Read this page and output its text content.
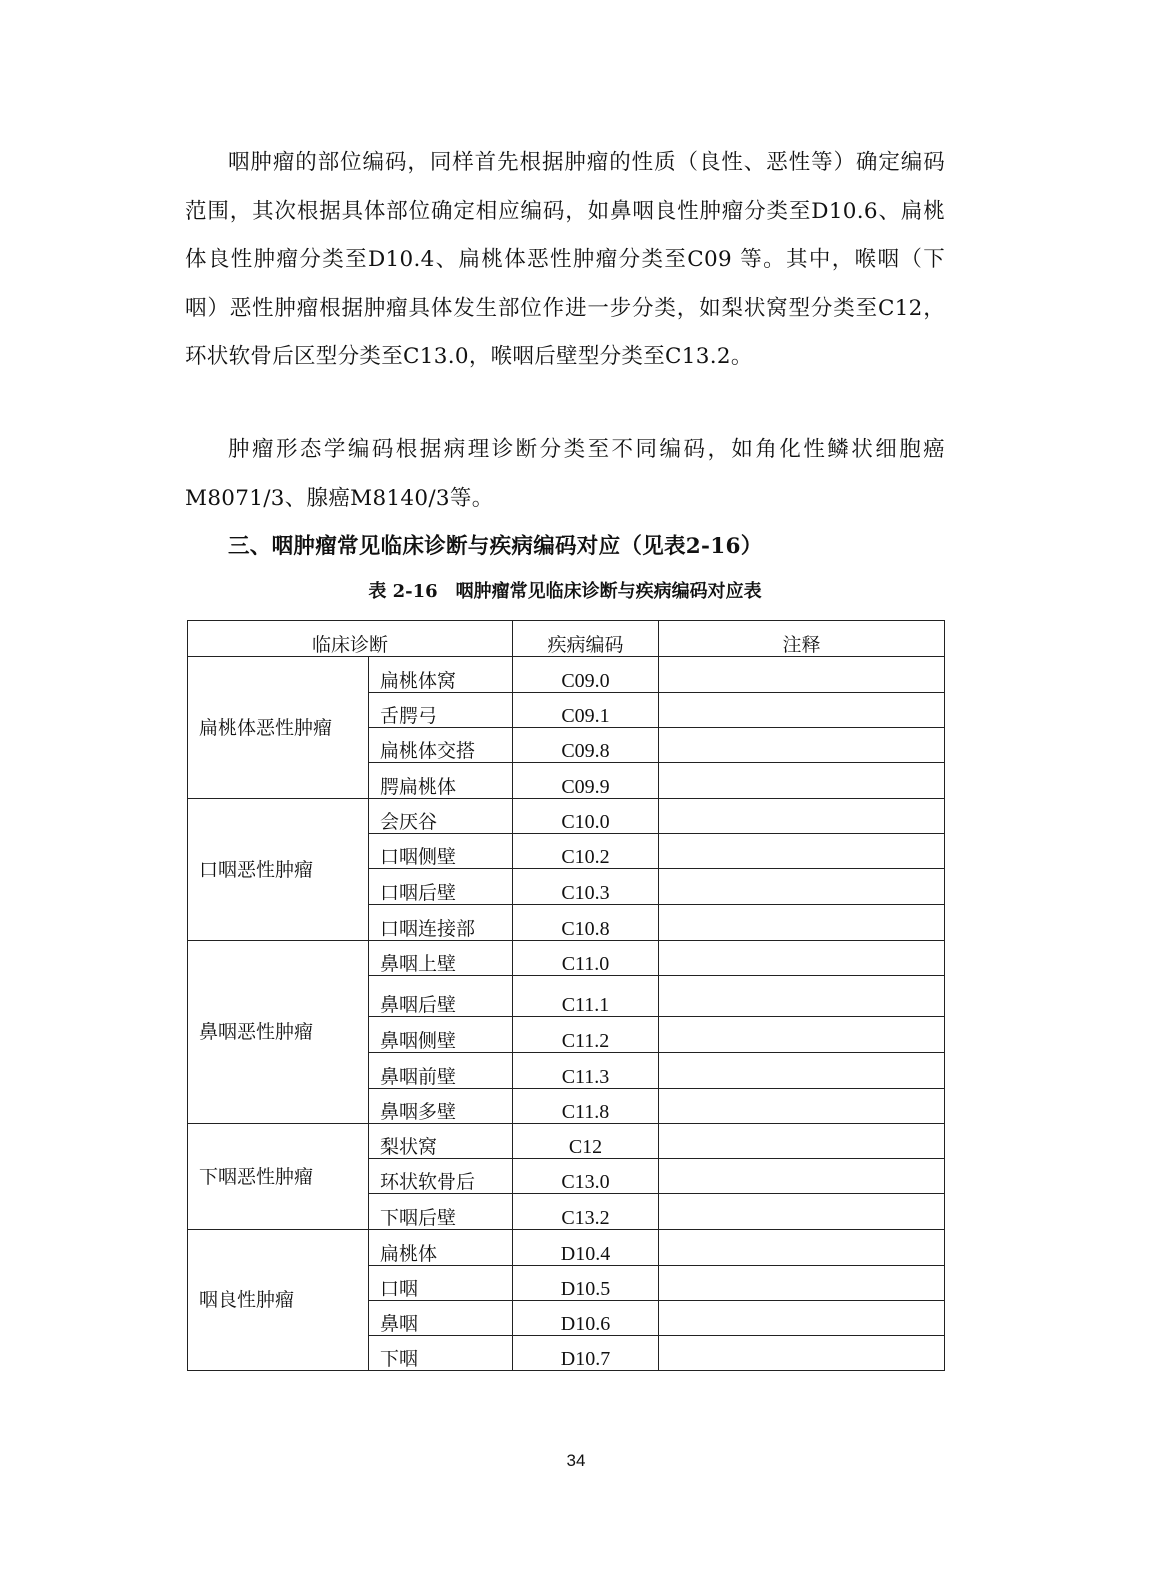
咽肿瘤的部位编码，同样首先根据肿瘤的性质（良性、恶性等）确定编码范围，其次根据具体部位确定相应编码，如鼻咽良性肿瘤分类至D10.6、扁桃体良性肿瘤分类至D10.4、扁桃体恶性肿瘤分类至C09 等。其中，喉咽（下咽）恶性肿瘤根据肿瘤具体发生部位作进一步分类，如梨状窝型分类至C12，环状软骨后区型分类至C13.0，喉咽后壁型分类至C13.2。

肿瘤形态学编码根据病理诊断分类至不同编码，如角化性鳞状细胞癌M8071/3、腺癌M8140/3等。

三、咽肿瘤常见临床诊断与疾病编码对应（见表2-16）
表 2-16　咽肿瘤常见临床诊断与疾病编码对应表
临床诊断		疾病编码	注释
扁桃体恶性肿瘤	扁桃体窝	C09.0	
	舌腭弓	C09.1	
	扁桃体交搭	C09.8	
	腭扁桃体	C09.9	
口咽恶性肿瘤	会厌谷	C10.0	
	口咽侧壁	C10.2	
	口咽后壁	C10.3	
	口咽连接部	C10.8	
鼻咽恶性肿瘤	鼻咽上壁	C11.0	
	鼻咽后壁	C11.1	
	鼻咽侧壁	C11.2	
	鼻咽前壁	C11.3	
	鼻咽多壁	C11.8	
下咽恶性肿瘤	梨状窝	C12	
	环状软骨后	C13.0	
	下咽后壁	C13.2	
咽良性肿瘤	扁桃体	D10.4	
	口咽	D10.5	
	鼻咽	D10.6	
	下咽	D10.7	
34
